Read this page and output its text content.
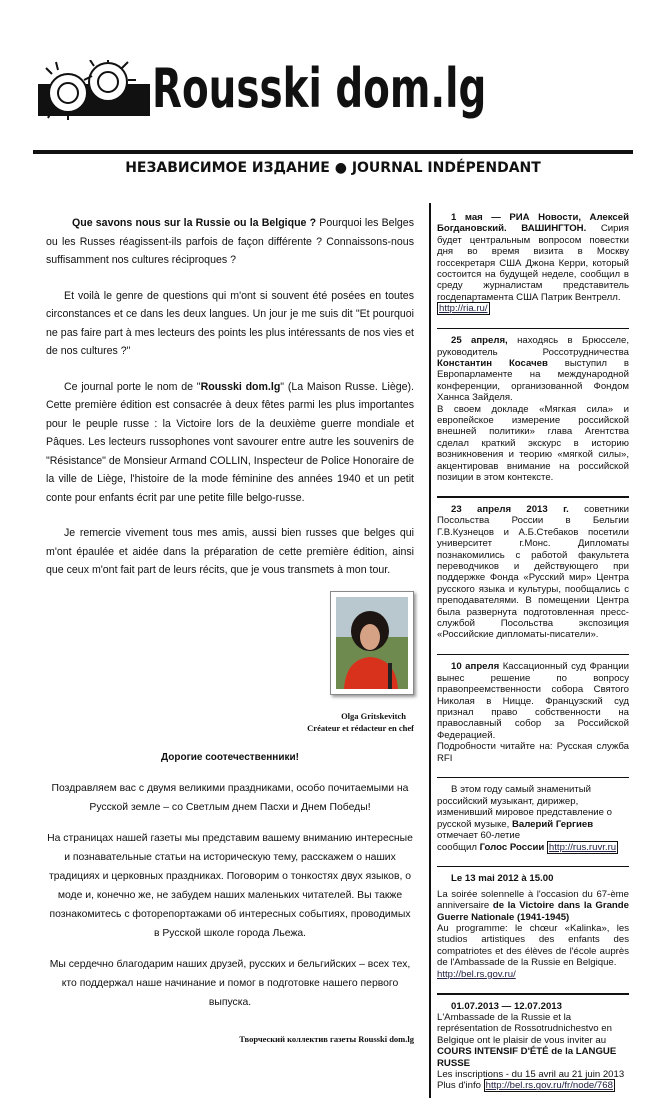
Rousski dom.lg
НЕЗАВИСИМОЕ ИЗДАНИЕ ● JOURNAL INDÉPENDANT

Que savons nous sur la Russie ou la Belgique ? Pourquoi les Belges ou les Russes réagissent-ils parfois de façon différente ? Connaissons-nous suffisamment nos cultures réciproques ?

Et voilà le genre de questions qui m'ont si souvent été posées en toutes circonstances et ce dans les deux langues. Un jour je me suis dit "Et pourquoi ne pas faire part à mes lecteurs des points les plus intéressants de nos vies et de nos cultures ?"

Ce journal porte le nom de "Rousski dom.lg" (La Maison Russe. Liège). Cette première édition est consacrée à deux fêtes parmi les plus importantes pour le peuple russe : la Victoire lors de la deuxième guerre mondiale et Pâques. Les lecteurs russophones vont savourer entre autre les souvenirs de "Résistance" de Monsieur Armand COLLIN, Inspecteur de Police Honoraire de la ville de Liège, l'histoire de la mode féminine des années 1940 et un petit conte pour enfants écrit par une petite fille belgo-russe.

Je remercie vivement tous mes amis, aussi bien russes que belges qui m'ont épaulée et aidée dans la préparation de cette première édition, ainsi que ceux m'ont fait part de leurs récits, que je vous transmets à mon tour.

Olga Gritskevitch
Créateur et rédacteur en chef

Дорогие соотечественники!

Поздравляем вас с двумя великими праздниками, особо почитаемыми на Русской земле – со Светлым днем Пасхи и Днем Победы!

На страницах нашей газеты мы представим вашему вниманию интересные и познавательные статьи на историческую тему, расскажем о наших традициях и церковных праздниках. Поговорим о тонкостях двух языков, о моде и, конечно же, не забудем наших маленьких читателей. Вы также познакомитесь с фоторепортажами об интересных событиях, проводимых в Русской школе города Льежа.

Мы сердечно благодарим наших друзей, русских и бельгийских – всех тех, кто поддержал наше начинание и помог в подготовке нашего первого выпуска.

Творческий коллектив газеты Rousski dom.lg
1 мая — РИА Новости, Алексей Богдановский. ВАШИНГТОН. Сирия будет центральным вопросом повестки дня во время визита в Москву госсекретаря США Джона Керри, который состоится на будущей неделе, сообщил в среду журналистам представитель госдепартамента США Патрик Вентрелл.
http://ria.ru/
25 апреля, находясь в Брюсселе, руководитель Россотрудничества Константин Косачев выступил в Европарламенте на международной конференции, организованной Фондом Ханнса Зайделя.
В своем докладе «Мягкая сила» и европейское измерение российской внешней политики» глава Агентства сделал краткий экскурс в историю возникновения и теорию «мягкой силы», акцентировав внимание на российской позиции в этом контексте.
23 апреля 2013 г. советники Посольства России в Бельгии Г.В.Кузнецов и А.Б.Стебаков посетили университет г.Монс. Дипломаты познакомились с работой факультета переводчиков и действующего при поддержке Фонда «Русский мир» Центра русского языка и культуры, пообщались с преподавателями. В помещении Центра была развернута подготовленная пресс-службой Посольства экспозиция «Российские дипломаты-писатели».
10 апреля Кассационный суд Франции вынес решение по вопросу правопреемственности собора Святого Николая в Ницце. Французский суд признал право собственности на православный собор за Российской Федерацией.
Подробности читайте на: Русская служба RFI
В этом году самый знаменитый российский музыкант, дирижер, изменивший мировое представление о русской музыке, Валерий Гергиев отмечает 60-летие
сообщил Голос России http://rus.ruvr.ru
Le 13 mai 2012 à 15.00
La soirée solennelle à l'occasion du 67-ème anniversaire de la Victoire dans la Grande Guerre Nationale (1941-1945)
Au programme: le chœur «Kalinka», les studios artistiques des enfants des compatriotes et des élèves de l'école auprès de l'Ambassade de la Russie en Belgique.
http://bel.rs.gov.ru/
01.07.2013 — 12.07.2013
L'Ambassade de la Russie et la représentation de Rossotrudnichestvo en Belgique ont le plaisir de vous inviter au
COURS INTENSIF D'ÉTÉ de la LANGUE RUSSE
Les inscriptions - du 15 avril au 21 juin 2013
Plus d'info http://bel.rs.gov.ru/fr/node/768
